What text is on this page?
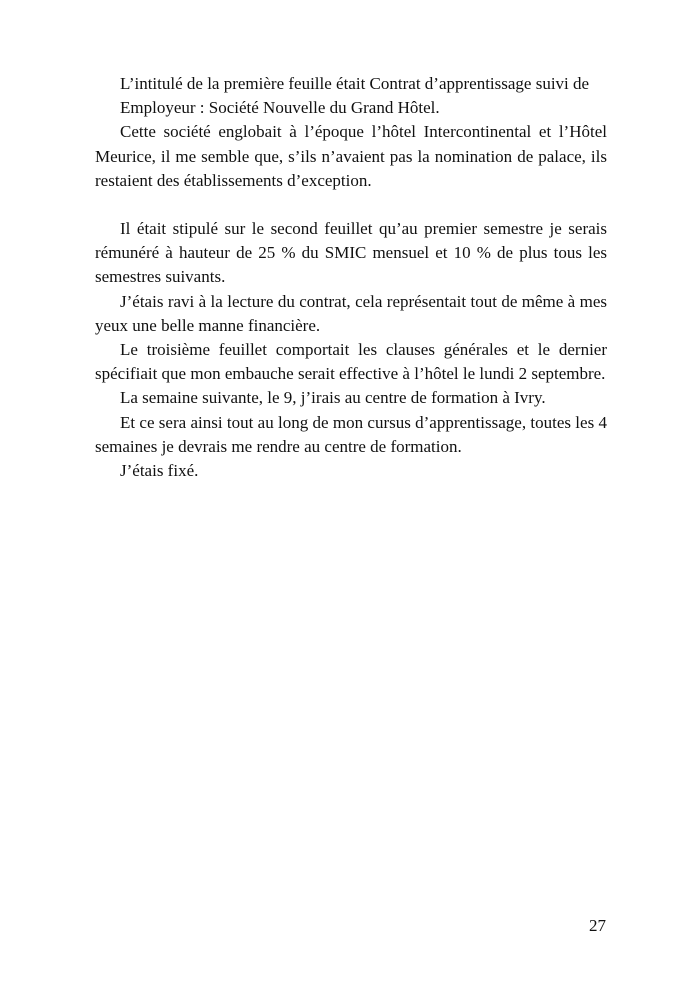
L’intitulé de la première feuille était Contrat d’apprentissage suivi de

Employeur : Société Nouvelle du Grand Hôtel.

Cette société englobait à l’époque l’hôtel Intercontinental et l’Hôtel Meurice, il me semble que, s’ils n’avaient pas la nomination de palace, ils restaient des établissements d’exception.

Il était stipulé sur le second feuillet qu’au premier semestre je serais rémunéré à hauteur de 25 % du SMIC mensuel et 10 % de plus tous les semestres suivants.

J’étais ravi à la lecture du contrat, cela représentait tout de même à mes yeux une belle manne financière.

Le troisième feuillet comportait les clauses générales et le dernier spécifiait que mon embauche serait effective à l’hôtel le lundi 2 septembre.

La semaine suivante, le 9, j’irais au centre de formation à Ivry.

Et ce sera ainsi tout au long de mon cursus d’apprentissage, toutes les 4 semaines je devrais me rendre au centre de formation.

J’étais fixé.

27
